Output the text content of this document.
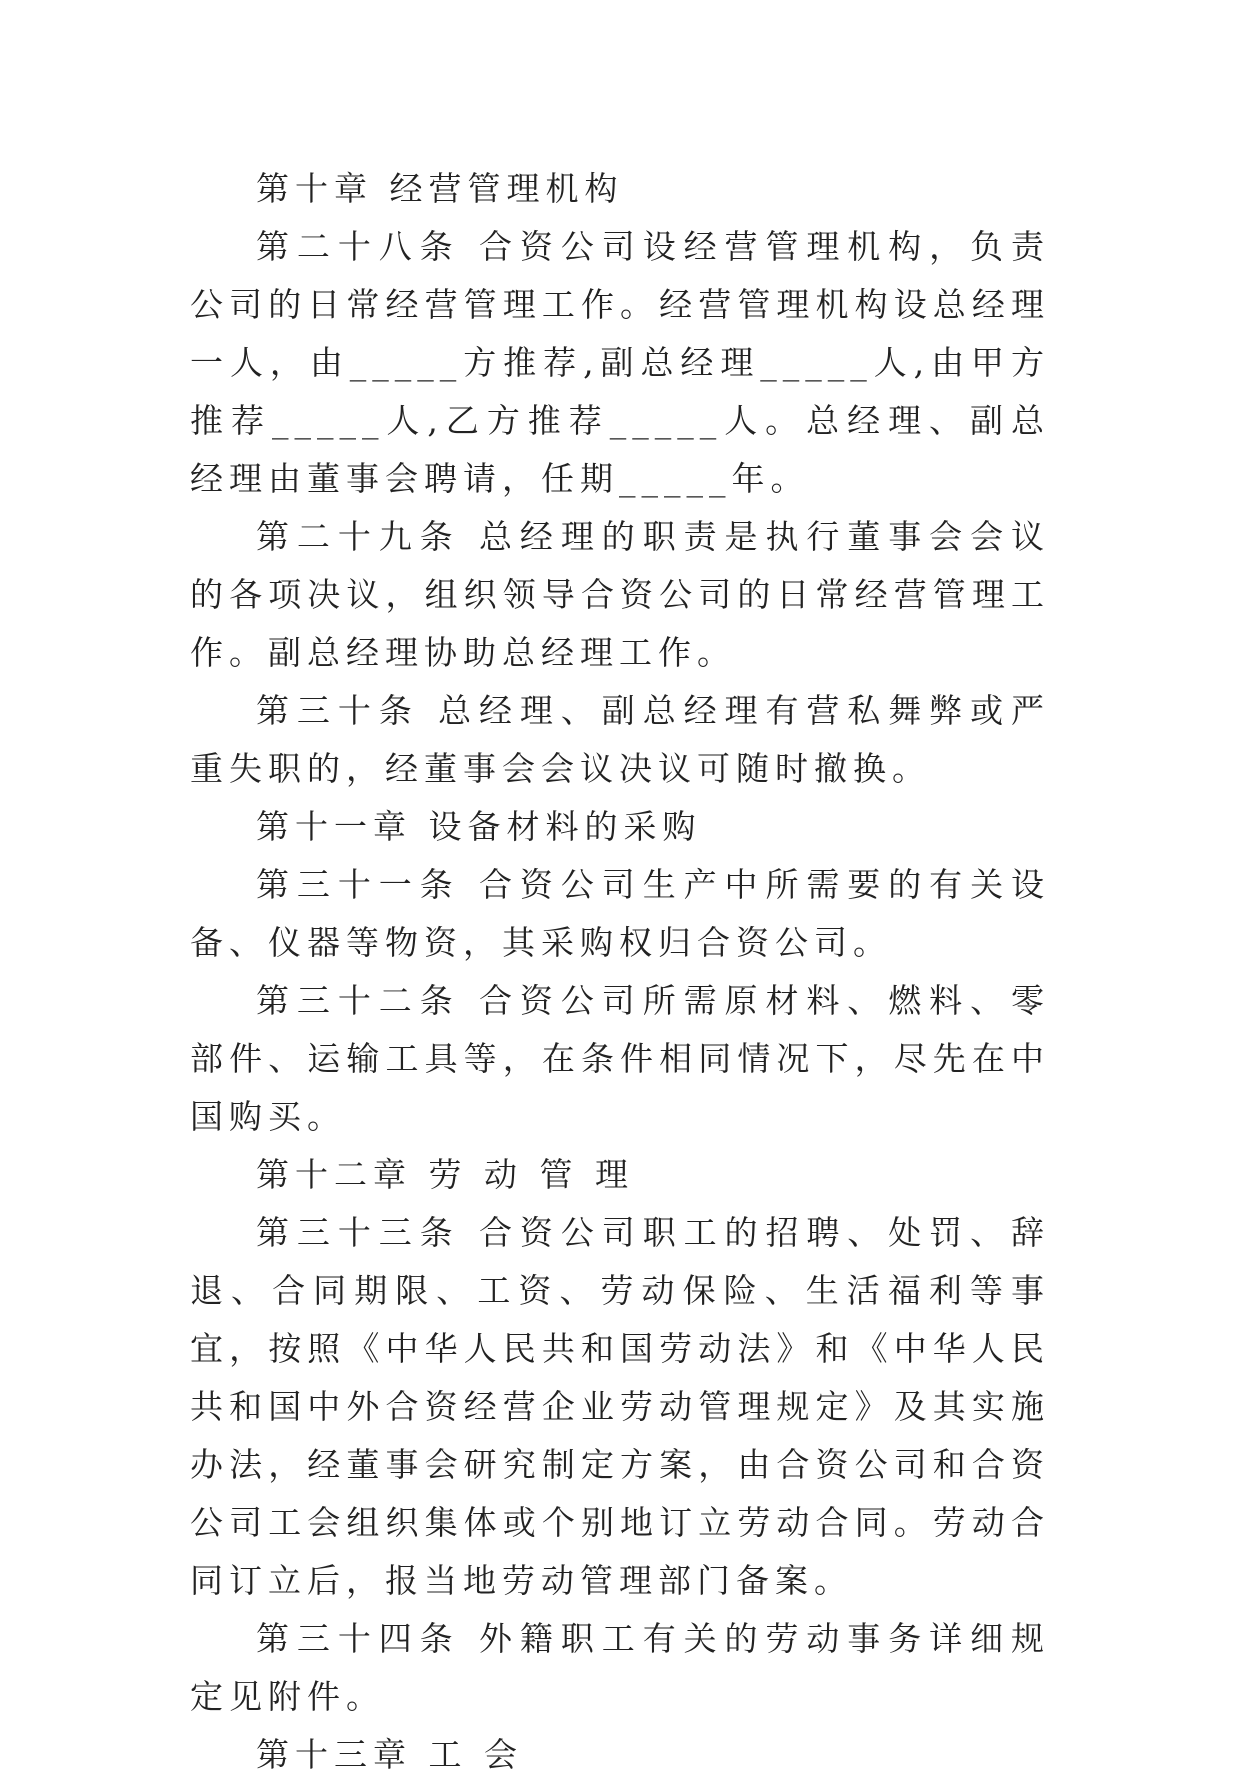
第十章 经营管理机构

第二十八条 合资公司设经营管理机构，负责公司的日常经营管理工作。经营管理机构设总经理一人，由_____方推荐,副总经理_____人,由甲方推荐_____人,乙方推荐_____人。总经理、副总经理由董事会聘请，任期_____年。

第二十九条 总经理的职责是执行董事会会议的各项决议，组织领导合资公司的日常经营管理工作。副总经理协助总经理工作。

第三十条 总经理、副总经理有营私舞弊或严重失职的，经董事会会议决议可随时撤换。

第十一章 设备材料的采购

第三十一条 合资公司生产中所需要的有关设备、仪器等物资，其采购权归合资公司。

第三十二条 合资公司所需原材料、燃料、零部件、运输工具等，在条件相同情况下，尽先在中国购买。

第十二章 劳 动 管 理

第三十三条 合资公司职工的招聘、处罚、辞退、合同期限、工资、劳动保险、生活福利等事宜，按照《中华人民共和国劳动法》和《中华人民共和国中外合资经营企业劳动管理规定》及其实施办法，经董事会研究制定方案，由合资公司和合资公司工会组织集体或个别地订立劳动合同。劳动合同订立后，报当地劳动管理部门备案。

第三十四条 外籍职工有关的劳动事务详细规定见附件。

第十三章 工 会
